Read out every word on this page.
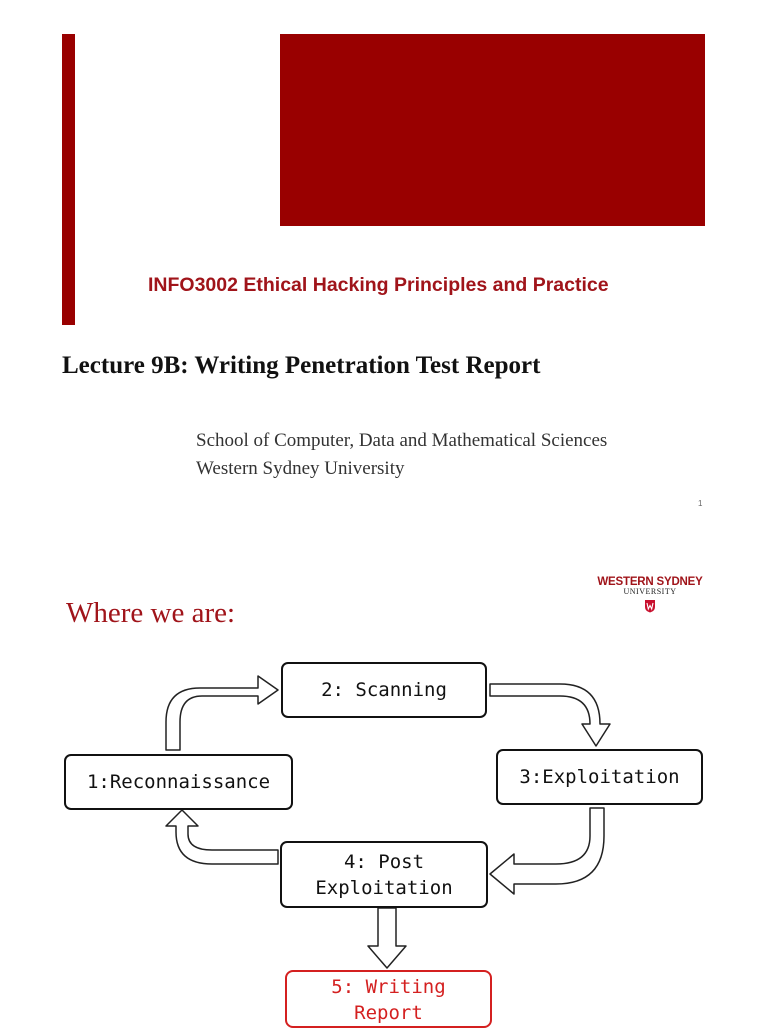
INFO3002 Ethical Hacking Principles and Practice
Lecture 9B: Writing Penetration Test Report
School of Computer, Data and Mathematical Sciences
Western Sydney University
1
Where we are:
WESTERN SYDNEY
UNIVERSITY
1:Reconnaissance
2: Scanning
3:Exploitation
4: Post
Exploitation
5: Writing
Report
